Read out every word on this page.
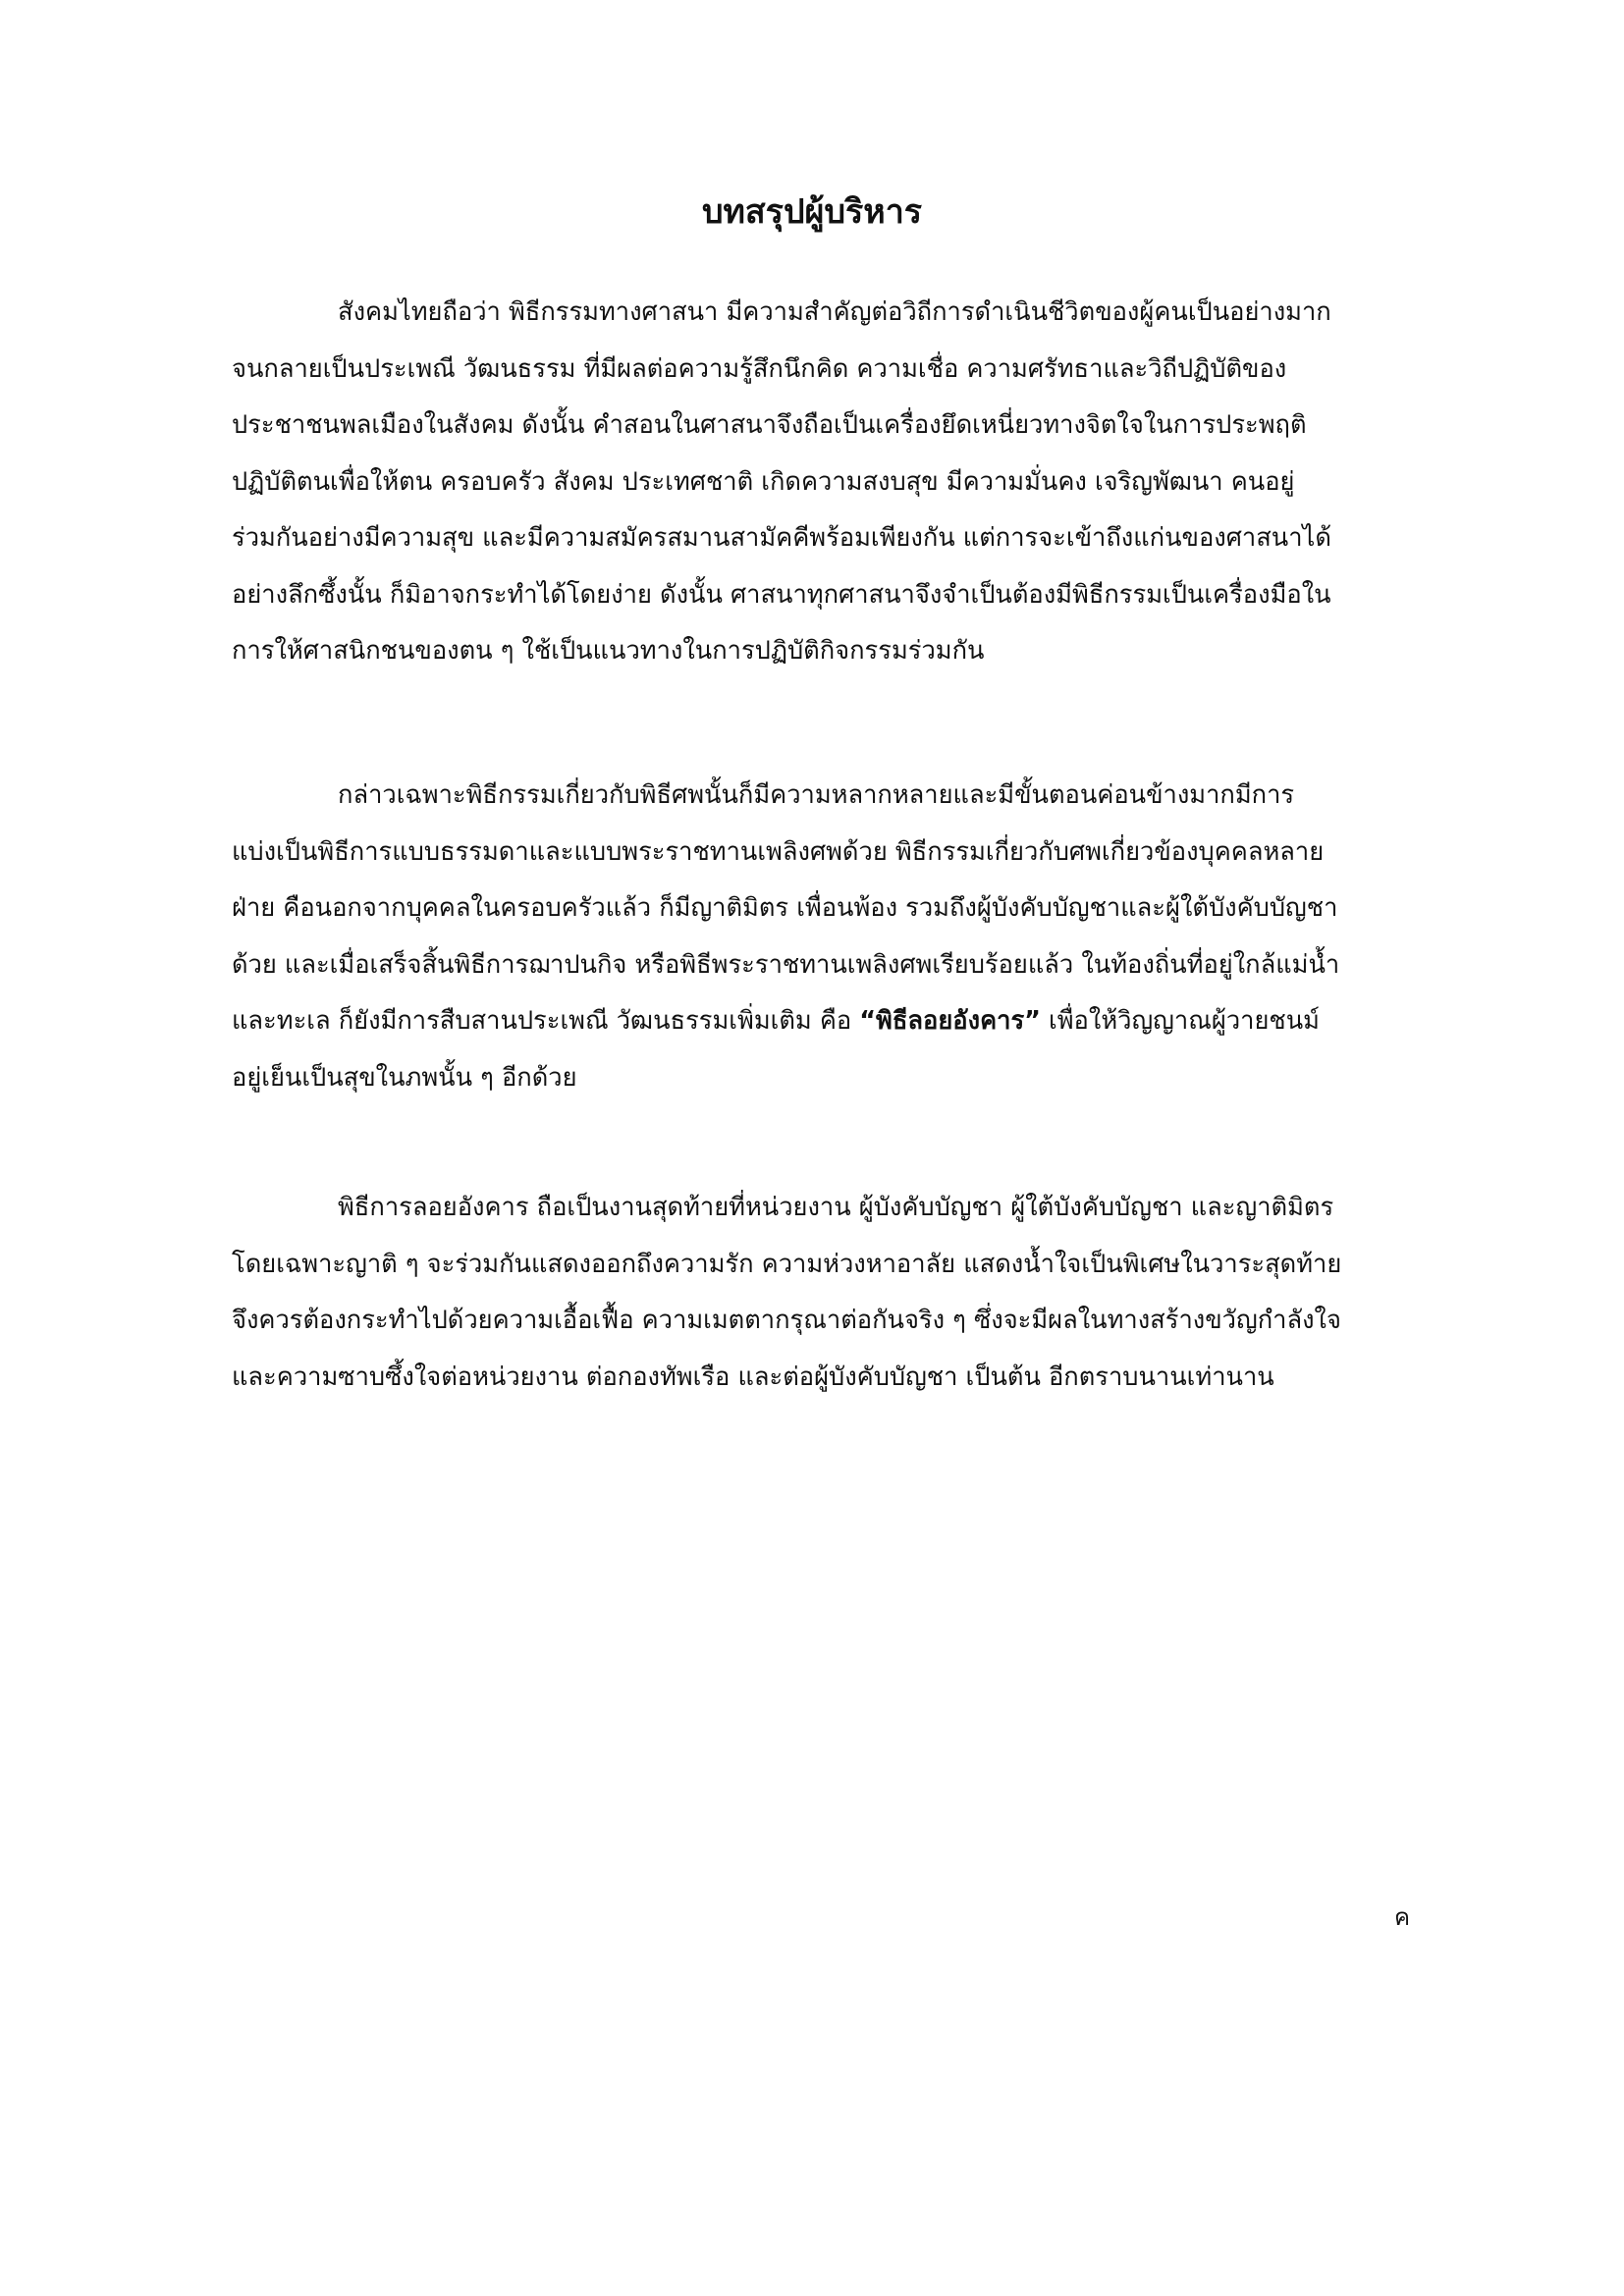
บทสรุปผู้บริหาร

สังคมไทยถือว่า พิธีกรรมทางศาสนา มีความสำคัญต่อวิถีการดำเนินชีวิตของผู้คนเป็นอย่างมาก
จนกลายเป็นประเพณี วัฒนธรรม ที่มีผลต่อความรู้สึกนึกคิด ความเชื่อ ความศรัทธาและวิถีปฏิบัติของ
ประชาชนพลเมืองในสังคม ดังนั้น คำสอนในศาสนาจึงถือเป็นเครื่องยึดเหนี่ยวทางจิตใจในการประพฤติ
ปฏิบัติตนเพื่อให้ตน ครอบครัว สังคม ประเทศชาติ เกิดความสงบสุข มีความมั่นคง เจริญพัฒนา คนอยู่
ร่วมกันอย่างมีความสุข และมีความสมัครสมานสามัคคีพร้อมเพียงกัน แต่การจะเข้าถึงแก่นของศาสนาได้
อย่างลึกซึ้งนั้น ก็มิอาจกระทำได้โดยง่าย ดังนั้น ศาสนาทุกศาสนาจึงจำเป็นต้องมีพิธีกรรมเป็นเครื่องมือใน
การให้ศาสนิกชนของตน ๆ ใช้เป็นแนวทางในการปฏิบัติกิจกรรมร่วมกัน

กล่าวเฉพาะพิธีกรรมเกี่ยวกับพิธีศพนั้นก็มีความหลากหลายและมีขั้นตอนค่อนข้างมากมีการ
แบ่งเป็นพิธีการแบบธรรมดาและแบบพระราชทานเพลิงศพด้วย พิธีกรรมเกี่ยวกับศพเกี่ยวข้องบุคคลหลาย
ฝ่าย คือนอกจากบุคคลในครอบครัวแล้ว ก็มีญาติมิตร เพื่อนพ้อง รวมถึงผู้บังคับบัญชาและผู้ใต้บังคับบัญชา
ด้วย และเมื่อเสร็จสิ้นพิธีการฌาปนกิจ หรือพิธีพระราชทานเพลิงศพเรียบร้อยแล้ว ในท้องถิ่นที่อยู่ใกล้แม่น้ำ
และทะเล ก็ยังมีการสืบสานประเพณี วัฒนธรรมเพิ่มเติม คือ “พิธีลอยอังคาร” เพื่อให้วิญญาณผู้วายชนม์
อยู่เย็นเป็นสุขในภพนั้น ๆ อีกด้วย

พิธีการลอยอังคาร ถือเป็นงานสุดท้ายที่หน่วยงาน ผู้บังคับบัญชา ผู้ใต้บังคับบัญชา และญาติมิตร
โดยเฉพาะญาติ ๆ จะร่วมกันแสดงออกถึงความรัก ความห่วงหาอาลัย แสดงน้ำใจเป็นพิเศษในวาระสุดท้าย
จึงควรต้องกระทำไปด้วยความเอื้อเฟื้อ ความเมตตากรุณาต่อกันจริง ๆ ซึ่งจะมีผลในทางสร้างขวัญกำลังใจ
และความซาบซึ้งใจต่อหน่วยงาน ต่อกองทัพเรือ และต่อผู้บังคับบัญชา เป็นต้น อีกตราบนานเท่านาน

ค
